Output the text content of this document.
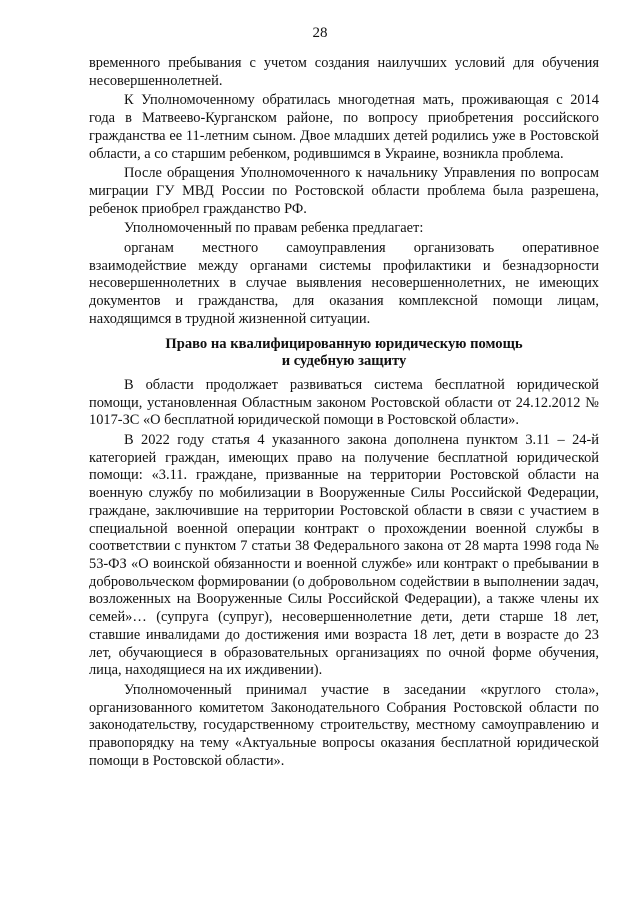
28

временного пребывания с учетом создания наилучших условий для обучения несовершеннолетней.

К Уполномоченному обратилась многодетная мать, проживающая с 2014 года в Матвеево-Курганском районе, по вопросу приобретения российского гражданства ее 11-летним сыном. Двое младших детей родились уже в Ростовской области, а со старшим ребенком, родившимся в Украине, возникла проблема.

После обращения Уполномоченного к начальнику Управления по вопросам миграции ГУ МВД России по Ростовской области проблема была разрешена, ребенок приобрел гражданство РФ.

Уполномоченный по правам ребенка предлагает:

органам местного самоуправления организовать оперативное взаимодействие между органами системы профилактики и безнадзорности несовершеннолетних в случае выявления несовершеннолетних, не имеющих документов и гражданства, для оказания комплексной помощи лицам, находящимся в трудной жизненной ситуации.

Право на квалифицированную юридическую помощь
и судебную защиту

В области продолжает развиваться система бесплатной юридической помощи, установленная Областным законом Ростовской области от 24.12.2012 № 1017-ЗС «О бесплатной юридической помощи в Ростовской области».

В 2022 году статья 4 указанного закона дополнена пунктом 3.11 – 24-й категорией граждан, имеющих право на получение бесплатной юридической помощи: «3.11. граждане, призванные на территории Ростовской области на военную службу по мобилизации в Вооруженные Силы Российской Федерации, граждане, заключившие на территории Ростовской области в связи с участием в специальной военной операции контракт о прохождении военной службы в соответствии с пунктом 7 статьи 38 Федерального закона от 28 марта 1998 года № 53-ФЗ «О воинской обязанности и военной службе» или контракт о пребывании в добровольческом формировании (о добровольном содействии в выполнении задач, возложенных на Вооруженные Силы Российской Федерации), а также члены их семей»… (супруга (супруг), несовершеннолетние дети, дети старше 18 лет, ставшие инвалидами до достижения ими возраста 18 лет, дети в возрасте до 23 лет, обучающиеся в образовательных организациях по очной форме обучения, лица, находящиеся на их иждивении).

Уполномоченный принимал участие в заседании «круглого стола», организованного комитетом Законодательного Собрания Ростовской области по законодательству, государственному строительству, местному самоуправлению и правопорядку на тему «Актуальные вопросы оказания бесплатной юридической помощи в Ростовской области».
